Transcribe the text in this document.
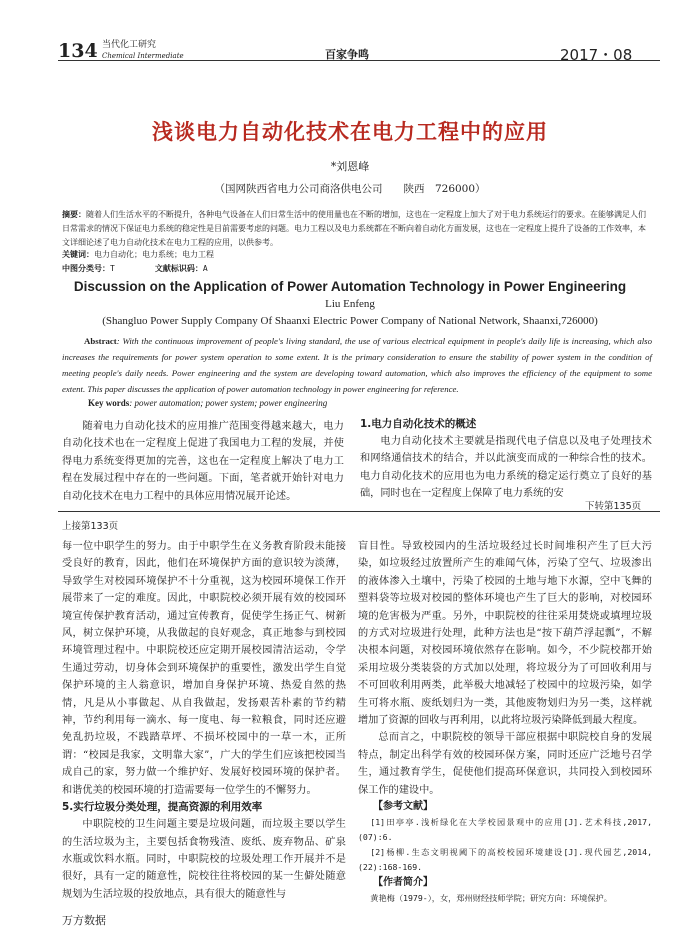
134 当代化工研究
Chemical Intermediate	百家争鸣	2017・08
浅谈电力自动化技术在电力工程中的应用
*刘恩峰
（国网陕西省电力公司商洛供电公司　　陕西　726000）
摘要：随着人们生活水平的不断提升，各种电气设备在人们日常生活中的使用量也在不断的增加，这也在一定程度上加大了对于电力系统运行的要求。在能够满足人们日常需求的情况下保证电力系统的稳定性是目前需要考虑的问题。电力工程以及电力系统都在不断向着自动化方面发展，这也在一定程度上提升了设备的工作效率，本文详细论述了电力自动化技术在电力工程的应用，以供参考。
关键词：电力自动化；电力系统；电力工程
中图分类号：T	文献标识码：A
Discussion on the Application of Power Automation Technology in Power Engineering
Liu Enfeng
(Shangluo Power Supply Company Of Shaanxi Electric Power Company of National Network, Shaanxi,726000)
Abstract: With the continuous improvement of people's living standard, the use of various electrical equipment in people's daily life is increasing, which also increases the requirements for power system operation to some extent. It is the primary consideration to ensure the stability of power system in the condition of meeting people's daily needs. Power engineering and the system are developing toward automation, which also improves the efficiency of the equipment to some extent. This paper discusses the application of power automation technology in power engineering for reference.
Key words: power automation; power system; power engineering

随着电力自动化技术的应用推广范围变得越来越大，电力自动化技术也在一定程度上促进了我国电力工程的发展，并使得电力系统变得更加的完善，这也在一定程度上解决了电力工程在发展过程中存在的一些问题。下面，笔者就开始针对电力自动化技术在电力工程中的具体应用情况展开论述。

1.电力自动化技术的概述

电力自动化技术主要就是指现代电子信息以及电子处理技术和网络通信技术的结合，并以此演变而成的一种综合性的技术。电力自动化技术的应用也为电力系统的稳定运行奠立了良好的基础，同时也在一定程度上保障了电力系统的安

下转第135页
上接第133页

每一位中职学生的努力。由于中职学生在义务教育阶段未能接受良好的教育，因此，他们在环境保护方面的意识较为淡薄，导致学生对校园环境保护不十分重视，这为校园环境保工作开展带来了一定的难度。因此，中职院校必须开展有效的校园环境宣传保护教育活动，通过宣传教育，促使学生扬正气、树新风，树立保护环境，从我做起的良好观念，真正地参与到校园环境管理过程中。中职院校还应定期开展校园清洁运动，令学生通过劳动，切身体会到环境保护的重要性，激发出学生自觉保护环境的主人翁意识，增加自身保护环境、热爱自然的热情，凡是从小事做起、从自我做起，发扬艰苦朴素的节约精神，节约利用每一滴水、每一度电、每一粒粮食，同时还应避免乱扔垃圾，不践踏草坪、不损坏校园中的一草一木，正所谓：“校园是我家，文明靠大家”，广大的学生们应该把校园当成自己的家，努力做一个维护好、发展好校园环境的保护者。和谐优美的校园环境的打造需要每一位学生的不懈努力。

5.实行垃圾分类处理，提高资源的利用效率

中职院校的卫生问题主要是垃圾问题，而垃圾主要以学生的生活垃圾为主，主要包括食物残渣、废纸、废弃物品、矿泉水瓶或饮料水瓶。同时，中职院校的垃圾处理工作开展并不是很好，具有一定的随意性，院校往往将校园的某一生僻处随意规划为生活垃圾的投放地点，具有很大的随意性与

盲目性。导致校园内的生活垃圾经过长时间堆积产生了巨大污染，如垃圾经过放置所产生的难闻气体，污染了空气、垃圾渗出的液体渗入土壤中，污染了校园的土地与地下水源，空中飞舞的塑料袋等垃圾对校园的整体环境也产生了巨大的影响，对校园环境的危害极为严重。另外，中职院校的往往采用焚烧或填埋垃圾的方式对垃圾进行处理，此种方法也是“按下葫芦浮起瓢”，不解决根本问题，对校园环境依然存在影响。如今，不少院校都开始采用垃圾分类装袋的方式加以处理，将垃圾分为了可回收利用与不可回收利用两类，此举极大地减轻了校园中的垃圾污染，如学生可将水瓶、废纸划归为一类，其他废物划归为另一类，这样就增加了资源的回收与再利用，以此将垃圾污染降低到最大程度。

总而言之，中职院校的领导干部应根据中职院校自身的发展特点，制定出科学有效的校园环保方案，同时还应广泛地号召学生，通过教育学生，促使他们提高环保意识，共同投入到校园环保工作的建设中。

【参考文献】

[1]田亭亭.浅析绿化在大学校园景观中的应用[J].艺术科技,2017,(07):6.

[2]杨柳.生态文明视阈下的高校校园环境建设[J].现代园艺,2014,(22):168-169.

【作者简介】

黄艳梅（1979-），女，郑州财经技师学院；研究方向：环境保护。

万方数据
